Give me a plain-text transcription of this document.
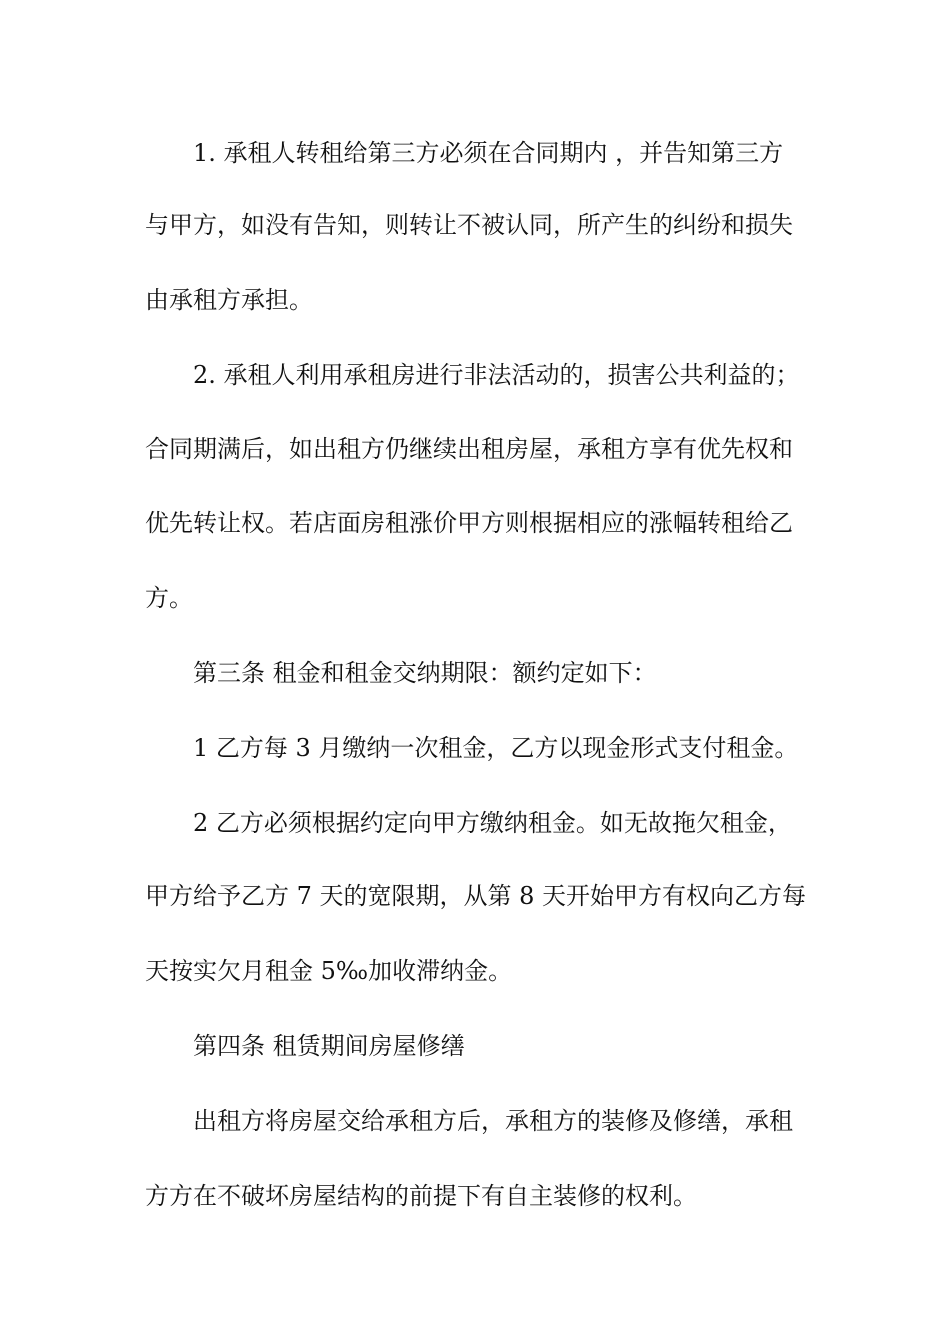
1. 承租人转租给第三方必须在合同期内 ，并告知第三方
与甲方，如没有告知，则转让不被认同，所产生的纠纷和损失
由承租方承担。
2. 承租人利用承租房进行非法活动的，损害公共利益的；
合同期满后，如出租方仍继续出租房屋，承租方享有优先权和
优先转让权。若店面房租涨价甲方则根据相应的涨幅转租给乙
方。
第三条 租金和租金交纳期限：额约定如下：
1 乙方每 3 月缴纳一次租金，乙方以现金形式支付租金。
2 乙方必须根据约定向甲方缴纳租金。如无故拖欠租金，
甲方给予乙方 7 天的宽限期，从第 8 天开始甲方有权向乙方每
天按实欠月租金 5‰加收滞纳金。
第四条 租赁期间房屋修缮
出租方将房屋交给承租方后，承租方的装修及修缮，承租
方方在不破坏房屋结构的前提下有自主装修的权利。
